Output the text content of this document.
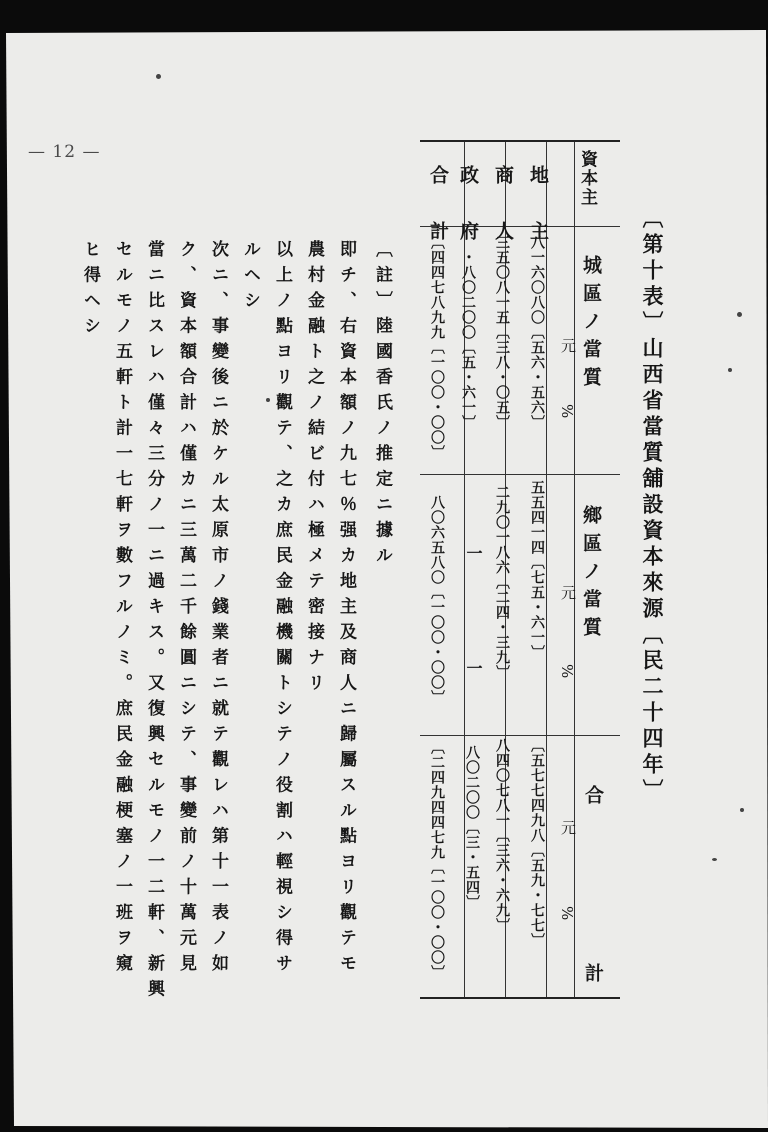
— 12 —
〔第十表〕山西省當質舖設資本來源〔民二十四年〕
資本主
地　主
商　人
政　府
合　計
城區ノ當質
元
%
鄉區ノ當質
元
%
合　計
元
%
八一六〇八〇〔五六・五六〕
三五〇八一五〔三八・〇五〕
・八〇二〇〇〔五・六一〕
〔四四七八九九〔一〇〇・〇〇〕
五五四一四〔七五・六一〕
二九〇一八六〔二四・三九〕
一
一
八〇六五八〇〔一〇〇・〇〇〕
〔五七七四九八〔五九・七七〕
八四〇七八一〔三六・六九〕
八〇二〇〇〔三・五四〕
〔二四九四四七九〔一〇〇・〇〇〕
〔註〕陸國香氏ノ推定ニ據ル
即チ、右資本額ノ九七％强カ地主及商人ニ歸屬スル點ヨリ觀テモ
農村金融ト之ノ結ビ付ハ極メテ密接ナリ
以上ノ點ヨリ觀テ、之カ庶民金融機關トシテノ役割ハ輕視シ得サ
ルヘシ
次ニ、事變後ニ於ケル太原市ノ錢業者ニ就テ觀レハ第十一表ノ如
ク、資本額合計ハ僅カニ三萬二千餘圓ニシテ、事變前ノ十萬元見
當ニ比スレハ僅々三分ノ一ニ過キス。又復興セルモノ一二軒、新興
セルモノ五軒ト計一七軒ヲ數フルノミ。庶民金融梗塞ノ一班ヲ窺
ヒ得ヘシ
